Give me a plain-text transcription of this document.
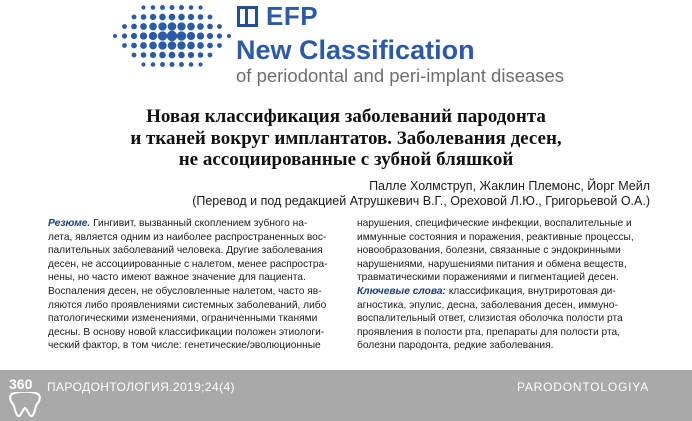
EFP
New Classification
of periodontal and peri-implant diseases
Новая классификация заболеваний пародонта
и тканей вокруг имплантатов. Заболевания десен,
не ассоциированные с зубной бляшкой
Палле Холмструп, Жаклин Племонс, Йорг Мейл
(Перевод и под редакцией Атрушкевич В.Г., Ореховой Л.Ю., Григорьевой О.А.)
Резюме. Гингивит, вызванный скоплением зубного на-
лета, является одним из наиболее распространенных вос-
палительных заболеваний человека. Другие заболевания
десен, не ассоциированные с налетом, менее распростра-
нены, но часто имеют важное значение для пациента.
Воспаления десен, не обусловленные налетом, часто яв-
ляются либо проявлениями системных заболеваний, либо
патологическими изменениями, ограниченными тканями
десны. В основу новой классификации положен этиологи-
ческий фактор, в том числе: генетические/эволюционные
нарушения, специфические инфекции, воспалительные и
иммунные состояния и поражения, реактивные процессы,
новообразования, болезни, связанные с эндокринными
нарушениями, нарушениями питания и обмена веществ,
травматическими поражениями и пигментацией десен.
Ключевые слова: классификация, внутриротовая ди-
агностика, эпулис, десна, заболевания десен, иммуно-
воспалительный ответ, слизистая оболочка полости рта
проявления в полости рта, препараты для полости рта,
болезни пародонта, редкие заболевания.
360 ПАРОДОНТОЛОГИЯ.2019;24(4)	PARODONTOLOGIYA
